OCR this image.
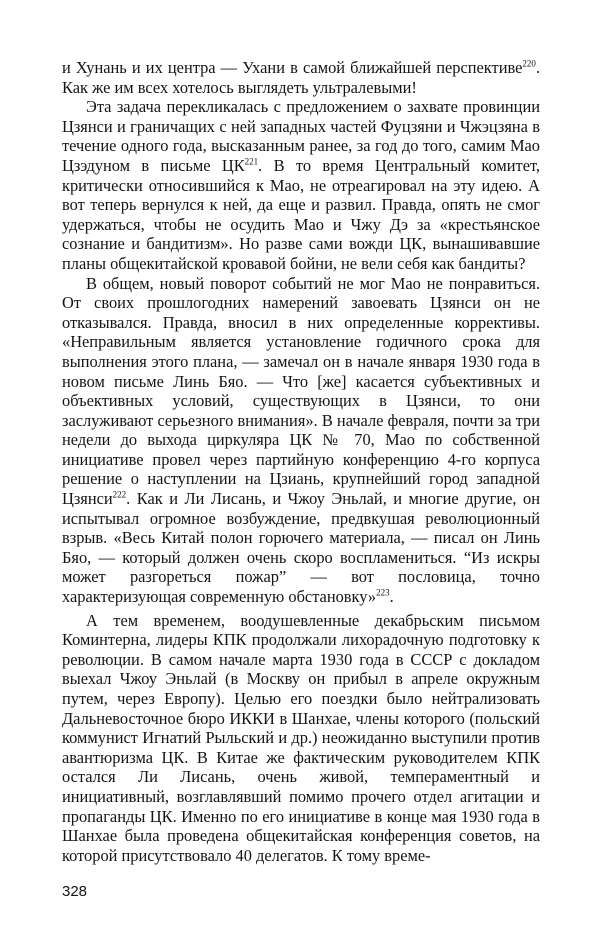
и Хунань и их центра — Ухани в самой ближайшей перспективе$^{220}$. Как же им всех хотелось выглядеть ультралевыми!

Эта задача перекликалась с предложением о захвате провинции Цзянси и граничащих с ней западных частей Фуцзяни и Чжэцзяна в течение одного года, высказанным ранее, за год до того, самим Мао Цзэдуном в письме ЦК$^{221}$. В то время Центральный комитет, критически относившийся к Мао, не отреагировал на эту идею. А вот теперь вернулся к ней, да еще и развил. Правда, опять не смог удержаться, чтобы не осудить Мао и Чжу Дэ за «крестьянское сознание и бандитизм». Но разве сами вожди ЦК, вынашивавшие планы общекитайской кровавой бойни, не вели себя как бандиты?

В общем, новый поворот событий не мог Мао не понравиться. От своих прошлогодних намерений завоевать Цзянси он не отказывался. Правда, вносил в них определенные коррективы. «Неправильным является установление годичного срока для выполнения этого плана, — замечал он в начале января 1930 года в новом письме Линь Бяо. — Что [же] касается субъективных и объективных условий, существующих в Цзянси, то они заслуживают серьезного внимания». В начале февраля, почти за три недели до выхода циркуляра ЦК № 70, Мао по собственной инициативе провел через партийную конференцию 4-го корпуса решение о наступлении на Цзиань, крупнейший город западной Цзянси$^{222}$. Как и Ли Лисань, и Чжоу Эньлай, и многие другие, он испытывал огромное возбуждение, предвкушая революционный взрыв. «Весь Китай полон горючего материала, — писал он Линь Бяо, — который должен очень скоро воспламениться. “Из искры может разгореться пожар” — вот пословица, точно характеризующая современную обстановку»$^{223}$.

А тем временем, воодушевленные декабрьским письмом Коминтерна, лидеры КПК продолжали лихорадочную подготовку к революции. В самом начале марта 1930 года в СССР с докладом выехал Чжоу Эньлай (в Москву он прибыл в апреле окружным путем, через Европу). Целью его поездки было нейтрализовать Дальневосточное бюро ИККИ в Шанхае, члены которого (польский коммунист Игнатий Рыльский и др.) неожиданно выступили против авантюризма ЦК. В Китае же фактическим руководителем КПК остался Ли Лисань, очень живой, темпераментный и инициативный, возглавлявший помимо прочего отдел агитации и пропаганды ЦК. Именно по его инициативе в конце мая 1930 года в Шанхае была проведена общекитайская конференция советов, на которой присутствовало 40 делегатов. К тому време-

328
